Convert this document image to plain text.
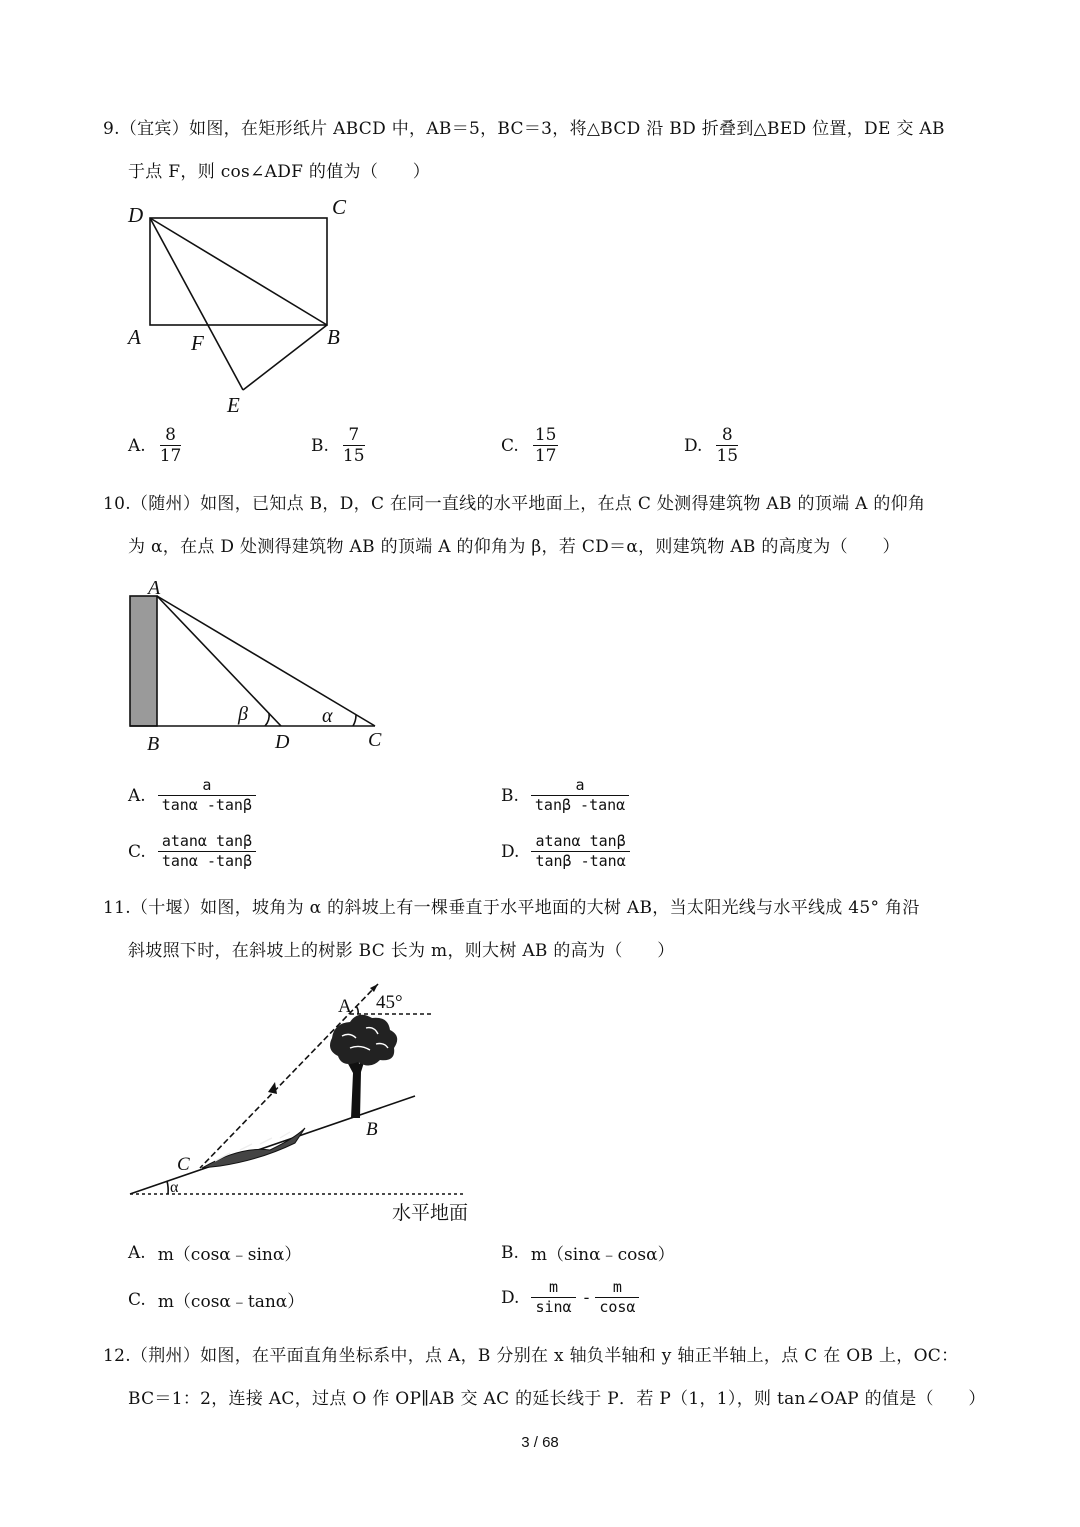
9.（宜宾）如图，在矩形纸片 ABCD 中，AB＝5，BC＝3，将△BCD 沿 BD 折叠到△BED 位置，DE 交 AB
于点 F，则 cos∠ADF 的值为（　　）
D	C
A F	B
E
A. $\frac{8}{17}$	B. $\frac{7}{15}$	C. $\frac{15}{17}$	D. $\frac{8}{15}$
10.（随州）如图，已知点 B，D，C 在同一直线的水平地面上，在点 C 处测得建筑物 AB 的顶端 A 的仰角
为 α，在点 D 处测得建筑物 AB 的顶端 A 的仰角为 β，若 CD＝α，则建筑物 AB 的高度为（　　）
A
B	D	C
β	α
A. $\frac{a}{\tan\alpha -\tan\beta}$	B. $\frac{a}{\tan\beta -\tan\alpha}$
C. $\frac{\text{atanα tanβ}}{\tan\alpha -\tan\beta}$	D. $\frac{\text{atanα tanβ}}{\tan\beta -\tan\alpha}$
11.（十堰）如图，坡角为 α 的斜坡上有一棵垂直于水平地面的大树 AB，当太阳光线与水平线成 45° 角沿
斜坡照下时，在斜坡上的树影 BC 长为 m，则大树 AB 的高为（　　）
A
B
C
45°
α
水平地面
A. m（cosα﹣sinα）	B. m（sinα﹣cosα）
C. m（cosα﹣tanα）	D. $\frac{m}{\sin\alpha} - \frac{m}{\cos\alpha}$
12.（荆州）如图，在平面直角坐标系中，点 A，B 分别在 x 轴负半轴和 y 轴正半轴上，点 C 在 OB 上，OC：
BC＝1：2，连接 AC，过点 O 作 OP∥AB 交 AC 的延长线于 P．若 P（1，1），则 tan∠OAP 的值是（　　）
3 / 68
